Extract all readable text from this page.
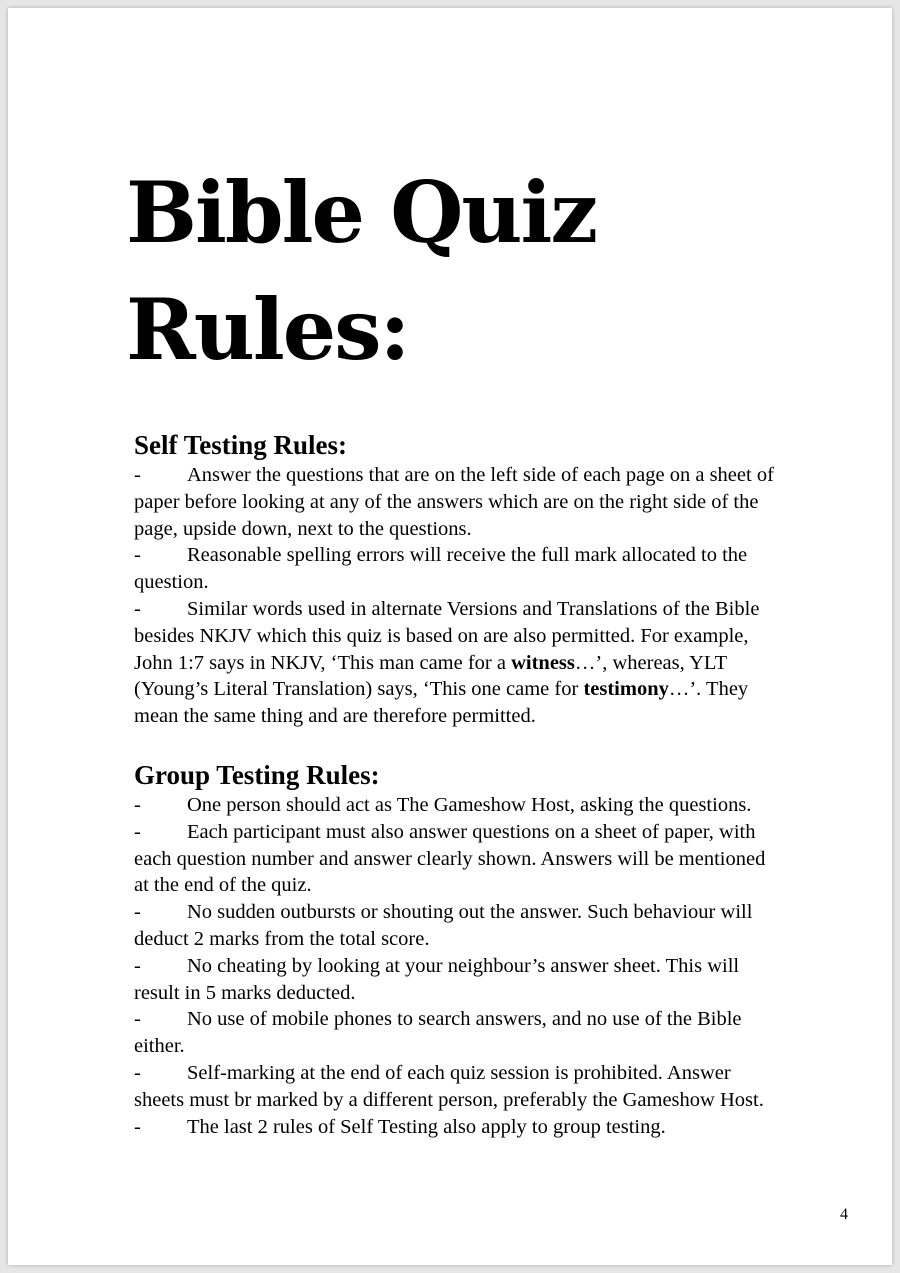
Bible Quiz
Rules:
Self Testing Rules:

- Answer the questions that are on the left side of each page on a sheet of paper before looking at any of the answers which are on the right side of the page, upside down, next to the questions.

- Reasonable spelling errors will receive the full mark allocated to the question.

- Similar words used in alternate Versions and Translations of the Bible besides NKJV which this quiz is based on are also permitted. For example, John 1:7 says in NKJV, ‘This man came for a witness…’, whereas, YLT (Young’s Literal Translation) says, ‘This one came for testimony…’. They mean the same thing and are therefore permitted.

Group Testing Rules:

- One person should act as The Gameshow Host, asking the questions.

- Each participant must also answer questions on a sheet of paper, with each question number and answer clearly shown. Answers will be mentioned at the end of the quiz.

- No sudden outbursts or shouting out the answer. Such behaviour will deduct 2 marks from the total score.

- No cheating by looking at your neighbour’s answer sheet. This will result in 5 marks deducted.

- No use of mobile phones to search answers, and no use of the Bible either.

- Self-marking at the end of each quiz session is prohibited. Answer sheets must br marked by a different person, preferably the Gameshow Host.

- The last 2 rules of Self Testing also apply to group testing.

4
